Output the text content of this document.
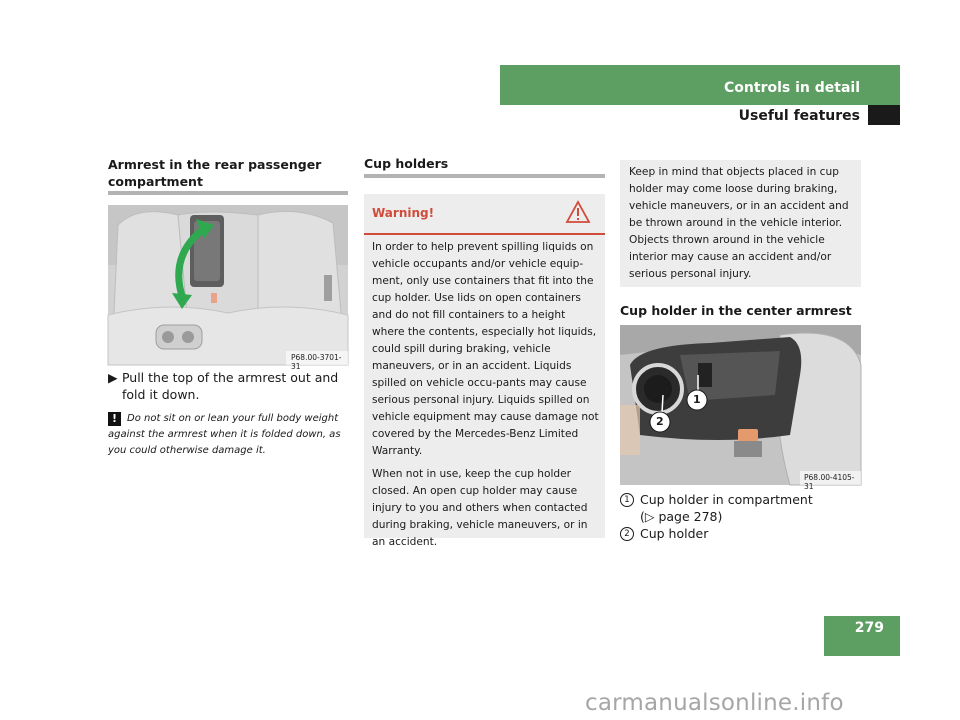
Controls in detail
Useful features
Armrest in the rear passenger compartment
P68.00-3701-31
▶ Pull the top of the armrest out and fold it down.
! Do not sit on or lean your full body weight against the armrest when it is folded down, as you could otherwise damage it.
Cup holders
Warning!

In order to help prevent spilling liquids on vehicle occupants and/or vehicle equip-ment, only use containers that fit into the cup holder. Use lids on open containers and do not fill containers to a height where the contents, especially hot liquids, could spill during braking, vehicle maneuvers, or in an accident. Liquids spilled on vehicle occu-pants may cause serious personal injury. Liquids spilled on vehicle equipment may cause damage not covered by the Mercedes-Benz Limited Warranty.

When not in use, keep the cup holder closed. An open cup holder may cause injury to you and others when contacted during braking, vehicle maneuvers, or in an accident.

Keep in mind that objects placed in cup holder may come loose during braking, vehicle maneuvers, or in an accident and be thrown around in the vehicle interior. Objects thrown around in the vehicle interior may cause an accident and/or serious personal injury.
Cup holder in the center armrest
2
1
P68.00-4105-31
1 Cup holder in compartment
(▷ page 278)
2 Cup holder
279
carmanualsonline.info
